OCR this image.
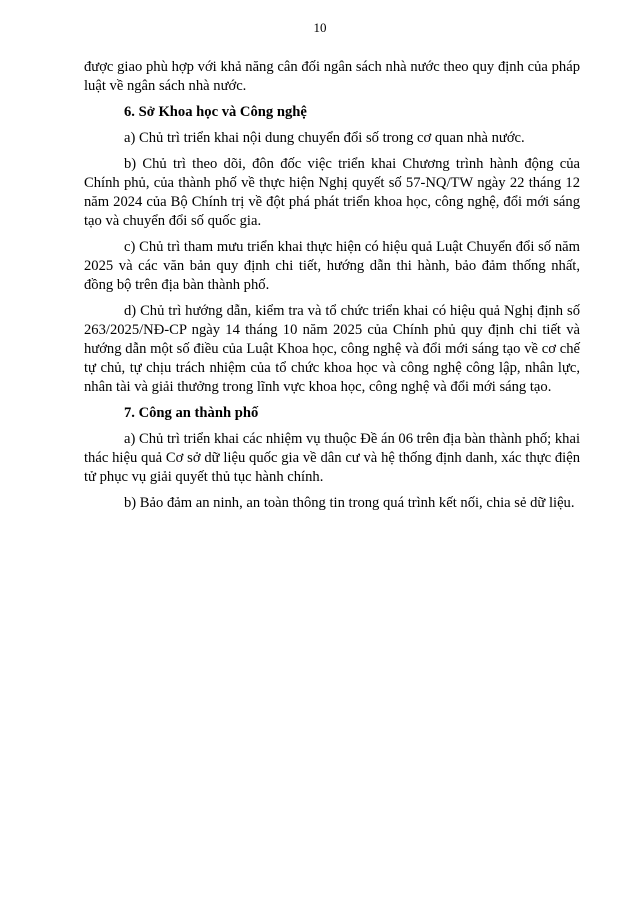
10

được giao phù hợp với khả năng cân đối ngân sách nhà nước theo quy định của pháp luật về ngân sách nhà nước.

6. Sở Khoa học và Công nghệ

a) Chủ trì triển khai nội dung chuyển đổi số trong cơ quan nhà nước.

b) Chủ trì theo dõi, đôn đốc việc triển khai Chương trình hành động của Chính phủ, của thành phố về thực hiện Nghị quyết số 57-NQ/TW ngày 22 tháng 12 năm 2024 của Bộ Chính trị về đột phá phát triển khoa học, công nghệ, đổi mới sáng tạo và chuyển đổi số quốc gia.

c) Chủ trì tham mưu triển khai thực hiện có hiệu quả Luật Chuyển đổi số năm 2025 và các văn bản quy định chi tiết, hướng dẫn thi hành, bảo đảm thống nhất, đồng bộ trên địa bàn thành phố.

d) Chủ trì hướng dẫn, kiểm tra và tổ chức triển khai có hiệu quả Nghị định số 263/2025/NĐ-CP ngày 14 tháng 10 năm 2025 của Chính phủ quy định chi tiết và hướng dẫn một số điều của Luật Khoa học, công nghệ và đổi mới sáng tạo về cơ chế tự chủ, tự chịu trách nhiệm của tổ chức khoa học và công nghệ công lập, nhân lực, nhân tài và giải thưởng trong lĩnh vực khoa học, công nghệ và đổi mới sáng tạo.

7. Công an thành phố

a) Chủ trì triển khai các nhiệm vụ thuộc Đề án 06 trên địa bàn thành phố; khai thác hiệu quả Cơ sở dữ liệu quốc gia về dân cư và hệ thống định danh, xác thực điện tử phục vụ giải quyết thủ tục hành chính.

b) Bảo đảm an ninh, an toàn thông tin trong quá trình kết nối, chia sẻ dữ liệu.
